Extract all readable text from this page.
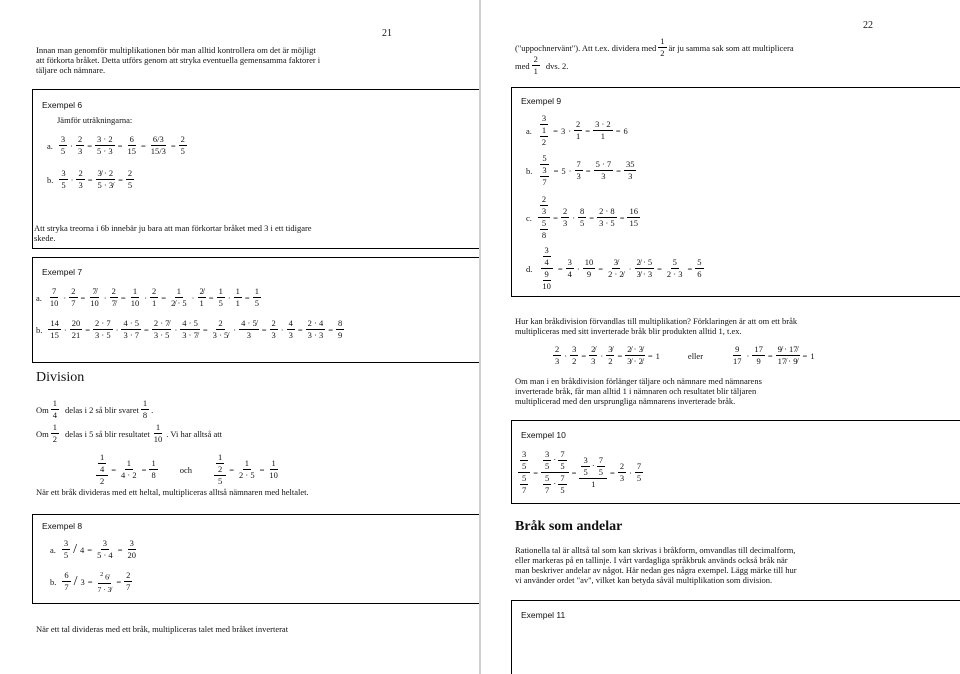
21
Innan man genomför multiplikationen bör man alltid kontrollera om det är möjligt
att förkorta bråket. Detta utförs genom att stryka eventuella gemensamma faktorer i
täljare och nämnare.
Exempel 6
Jämför uträkningarna:
a.
3
5
· $\frac{2}{3} = \frac{3 \cdot 2}{5 \cdot 3} = \frac{6}{15} = \frac{6/3}{15/3} = \frac{2}{5}$
b.
3
5
· $\frac{2}{3} = \frac{3̸ \cdot 2}{5 \cdot 3̸} = \frac{2}{5}$
Att stryka treorna i 6b innebär ju bara att man förkortar bråket med 3 i ett tidigare
skede.
Exempel 7
a.
7
10
· $\frac{2}{7} = \frac{7̸}{10} \cdot \frac{2}{7̸} = \frac{1}{10} \cdot \frac{2}{1} = \frac{1}{2̸ \cdot 5} \cdot \frac{2̸}{1} = \frac{1}{5} \cdot \frac{1}{1} = \frac{1}{5}$
b.
14
15
· $\frac{20}{21} = \frac{2 \cdot 7}{3 \cdot 5} \cdot \frac{4 \cdot 5}{3 \cdot 7} = \frac{2 \cdot 7̸}{3 \cdot 5} \cdot \frac{4 \cdot 5}{3 \cdot 7̸} = \frac{2}{3 \cdot 5̸} \cdot \frac{4 \cdot 5̸}{3} = \frac{2}{3} \cdot \frac{4}{3} = \frac{2 \cdot 4}{3 \cdot 3} = \frac{8}{9}$
Division
Om
1
4
delas i 2 så blir svaret
1
8
.
Om
1
2
delas i 5 så blir resultatet
1
10
. Vi har alltså att
$\frac{\frac{1}{4}}{2} = \frac{1}{4 \cdot 2} = \frac{1}{8}$	och	$\frac{\frac{1}{2}}{5} = \frac{1}{2 \cdot 5} = \frac{1}{10}$
När ett bråk divideras med ett heltal, multipliceras alltså nämnaren med heltalet.
Exempel 8
a.
3
$5 / 4 = \frac{3}{5 \cdot 4} = \frac{3}{20}$
b.
6
$7 / 3 = \frac{^2 6̸}{7 \cdot 3̸} = \frac{2}{7}$
När ett tal divideras med ett bråk, multipliceras talet med bråket inverterat
22
("uppochnervänt"). Att t.ex. dividera med
1
2
är ju samma sak som att multiplicera
med
2
1
dvs. 2.
Exempel 9
a. $\frac{3}{\frac{1}{2}} = 3 \cdot \frac{2}{1} = \frac{3 \cdot 2}{1} = 6$
b. $\frac{5}{\frac{3}{7}} = 5 \cdot \frac{7}{3} = \frac{5 \cdot 7}{3} = \frac{35}{3}$
c. $\frac{\frac{2}{3}}{\frac{5}{8}} = \frac{2}{3} \cdot \frac{8}{5} = \frac{2 \cdot 8}{3 \cdot 5} = \frac{16}{15}$
d. $\frac{\frac{3}{4}}{\frac{9}{10}} = \frac{3}{4} \cdot \frac{10}{9} = \frac{3̸}{2 \cdot 2̸} \cdot \frac{2̸ \cdot 5}{3̸ \cdot 3} = \frac{5}{2 \cdot 3} = \frac{5}{6}$
Hur kan bråkdivision förvandlas till multiplikation? Förklaringen är att om ett bråk
multipliceras med sitt inverterade bråk blir produkten alltid 1, t.ex.
2
3
· $\frac{3}{2} = \frac{2̸}{3} \cdot \frac{3̸}{2} = \frac{2̸ \cdot 3̸}{3̸ \cdot 2̸} = 1$	eller
9
17
· $\frac{17}{9} = \frac{9̸ \cdot 17̸}{17̸ \cdot 9̸} = 1$
Om man i en bråkdivision förlänger täljare och nämnare med nämnarens
inverterade bråk, får man alltid 1 i nämnaren och resultatet blir täljaren
multiplicerad med den ursprungliga nämnarens inverterade bråk.
Exempel 10
$\frac{\frac{3}{5}}{\frac{5}{7}} = \frac{\frac{3}{5} \cdot \frac{7}{5}}{\frac{5}{7} \cdot \frac{7}{5}} = \frac{\frac{3}{5} \cdot \frac{7}{5}}{1} = \frac{2}{3}$ ·
7
5
Bråk som andelar
Rationella tal är alltså tal som kan skrivas i bråkform, omvandlas till decimalform,
eller markeras på en tallinje. I vårt vardagliga språkbruk används också bråk när
man beskriver andelar av något. Här nedan ges några exempel. Lägg märke till hur
vi använder ordet "av", vilket kan betyda såväl multiplikation som division.
Exempel 11
